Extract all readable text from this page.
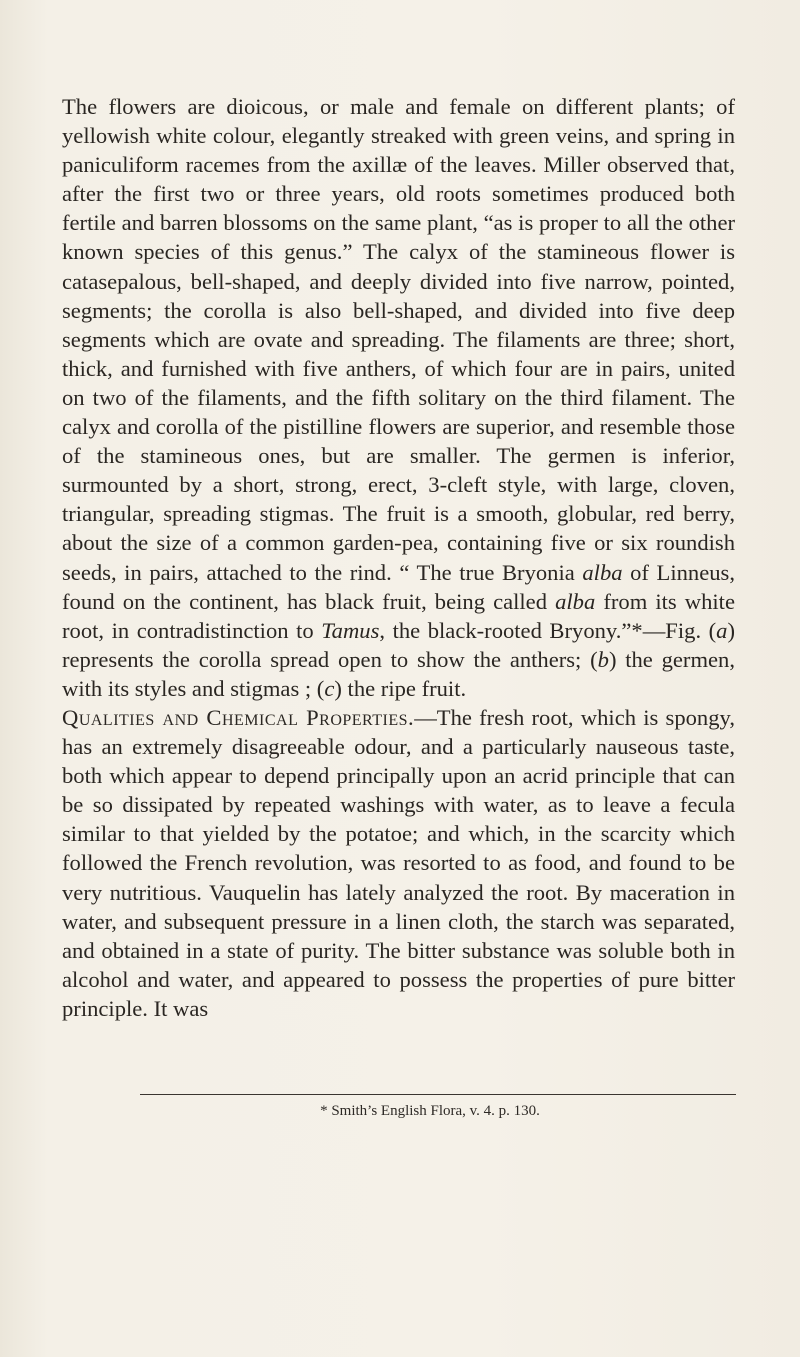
The flowers are dioicous, or male and female on different plants; of yellowish white colour, elegantly streaked with green veins, and spring in paniculiform racemes from the axillæ of the leaves. Miller observed that, after the first two or three years, old roots sometimes produced both fertile and barren blossoms on the same plant, “as is proper to all the other known species of this genus.” The calyx of the stamineous flower is catasepalous, bell-shaped, and deeply divided into five narrow, pointed, segments; the corolla is also bell-shaped, and divided into five deep segments which are ovate and spreading. The filaments are three; short, thick, and furnished with five anthers, of which four are in pairs, united on two of the filaments, and the fifth solitary on the third filament. The calyx and corolla of the pistilline flowers are superior, and resemble those of the stamineous ones, but are smaller. The germen is inferior, surmounted by a short, strong, erect, 3-cleft style, with large, cloven, triangular, spreading stigmas. The fruit is a smooth, globular, red berry, about the size of a common garden-pea, containing five or six roundish seeds, in pairs, attached to the rind. “ The true Bryonia alba of Linneus, found on the continent, has black fruit, being called alba from its white root, in contradistinction to Tamus, the black-rooted Bryony.”*—Fig. (a) represents the corolla spread open to show the anthers; (b) the germen, with its styles and stigmas ; (c) the ripe fruit.

Qualities and Chemical Properties.—The fresh root, which is spongy, has an extremely disagreeable odour, and a particularly nauseous taste, both which appear to depend principally upon an acrid principle that can be so dissipated by repeated washings with water, as to leave a fecula similar to that yielded by the potatoe; and which, in the scarcity which followed the French revolution, was resorted to as food, and found to be very nutritious. Vauquelin has lately analyzed the root. By maceration in water, and subsequent pressure in a linen cloth, the starch was separated, and obtained in a state of purity. The bitter substance was soluble both in alcohol and water, and appeared to possess the properties of pure bitter principle. It was

* Smith’s English Flora, v. 4. p. 130.
